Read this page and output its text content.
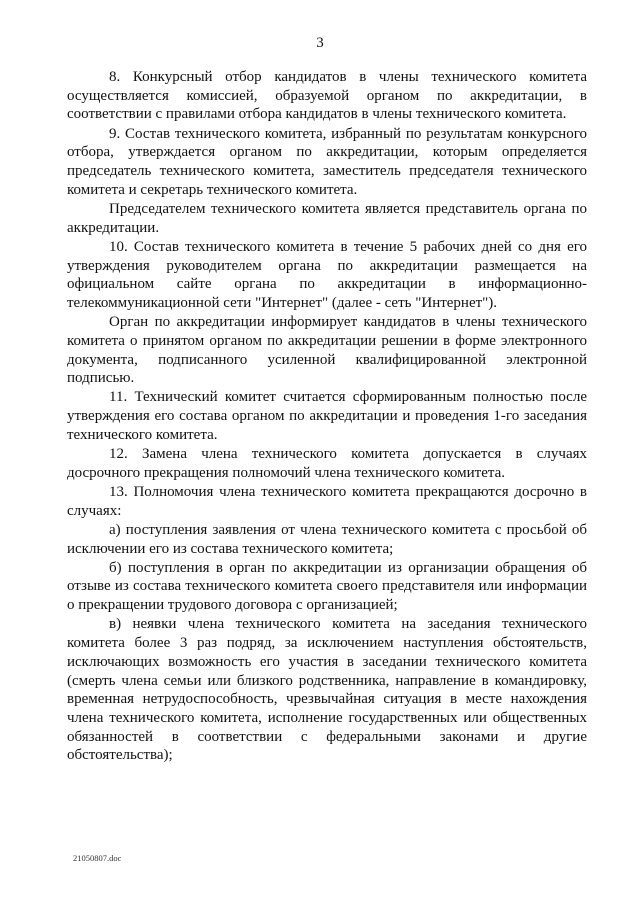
3

8. Конкурсный отбор кандидатов в члены технического комитета осуществляется комиссией, образуемой органом по аккредитации, в соответствии с правилами отбора кандидатов в члены технического комитета.

9. Состав технического комитета, избранный по результатам конкурсного отбора, утверждается органом по аккредитации, которым определяется председатель технического комитета, заместитель председателя технического комитета и секретарь технического комитета.

Председателем технического комитета является представитель органа по аккредитации.

10. Состав технического комитета в течение 5 рабочих дней со дня его утверждения руководителем органа по аккредитации размещается на официальном сайте органа по аккредитации в информационно-телекоммуникационной сети "Интернет" (далее - сеть "Интернет").

Орган по аккредитации информирует кандидатов в члены технического комитета о принятом органом по аккредитации решении в форме электронного документа, подписанного усиленной квалифицированной электронной подписью.

11. Технический комитет считается сформированным полностью после утверждения его состава органом по аккредитации и проведения 1-го заседания технического комитета.

12. Замена члена технического комитета допускается в случаях досрочного прекращения полномочий члена технического комитета.

13. Полномочия члена технического комитета прекращаются досрочно в случаях:

а) поступления заявления от члена технического комитета с просьбой об исключении его из состава технического комитета;

б) поступления в орган по аккредитации из организации обращения об отзыве из состава технического комитета своего представителя или информации о прекращении трудового договора с организацией;

в) неявки члена технического комитета на заседания технического комитета более 3 раз подряд, за исключением наступления обстоятельств, исключающих возможность его участия в заседании технического комитета (смерть члена семьи или близкого родственника, направление в командировку, временная нетрудоспособность, чрезвычайная ситуация в месте нахождения члена технического комитета, исполнение государственных или общественных обязанностей в соответствии с федеральными законами и другие обстоятельства);

21050807.doc
